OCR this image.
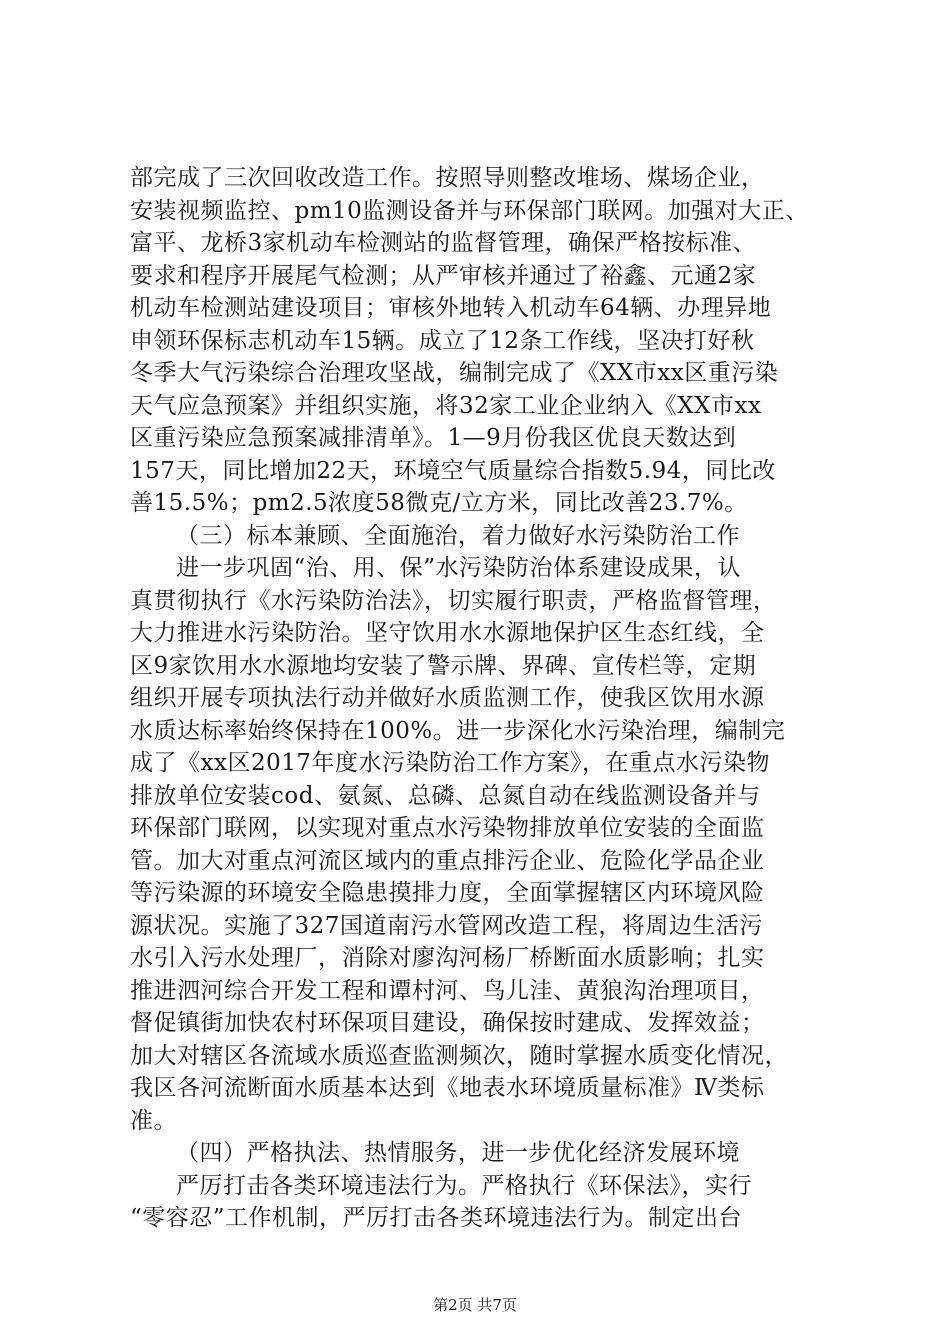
部完成了三次回收改造工作。按照导则整改堆场、煤场企业，
安装视频监控、pm10监测设备并与环保部门联网。加强对大正、
富平、龙桥3家机动车检测站的监督管理，确保严格按标准、
要求和程序开展尾气检测；从严审核并通过了裕鑫、元通2家
机动车检测站建设项目；审核外地转入机动车64辆、办理异地
申领环保标志机动车15辆。成立了12条工作线，坚决打好秋
冬季大气污染综合治理攻坚战，编制完成了《XX市xx区重污染
天气应急预案》并组织实施，将32家工业企业纳入《XX市xx
区重污染应急预案减排清单》。1—9月份我区优良天数达到
157天，同比增加22天，环境空气质量综合指数5.94，同比改
善15.5%；pm2.5浓度58微克/立方米，同比改善23.7%。
（三）标本兼顾、全面施治，着力做好水污染防治工作
进一步巩固“治、用、保”水污染防治体系建设成果，认
真贯彻执行《水污染防治法》，切实履行职责，严格监督管理，
大力推进水污染防治。坚守饮用水水源地保护区生态红线，全
区9家饮用水水源地均安装了警示牌、界碑、宣传栏等，定期
组织开展专项执法行动并做好水质监测工作，使我区饮用水源
水质达标率始终保持在100%。进一步深化水污染治理，编制完
成了《xx区2017年度水污染防治工作方案》，在重点水污染物
排放单位安装cod、氨氮、总磷、总氮自动在线监测设备并与
环保部门联网，以实现对重点水污染物排放单位安装的全面监
管。加大对重点河流区域内的重点排污企业、危险化学品企业
等污染源的环境安全隐患摸排力度，全面掌握辖区内环境风险
源状况。实施了327国道南污水管网改造工程，将周边生活污
水引入污水处理厂，消除对廖沟河杨厂桥断面水质影响；扎实
推进泗河综合开发工程和谭村河、鸟儿洼、黄狼沟治理项目，
督促镇街加快农村环保项目建设，确保按时建成、发挥效益；
加大对辖区各流域水质巡查监测频次，随时掌握水质变化情况，
我区各河流断面水质基本达到《地表水环境质量标准》Ⅳ类标
准。
（四）严格执法、热情服务，进一步优化经济发展环境
严厉打击各类环境违法行为。严格执行《环保法》，实行
“零容忍”工作机制，严厉打击各类环境违法行为。制定出台
第2页 共7页
